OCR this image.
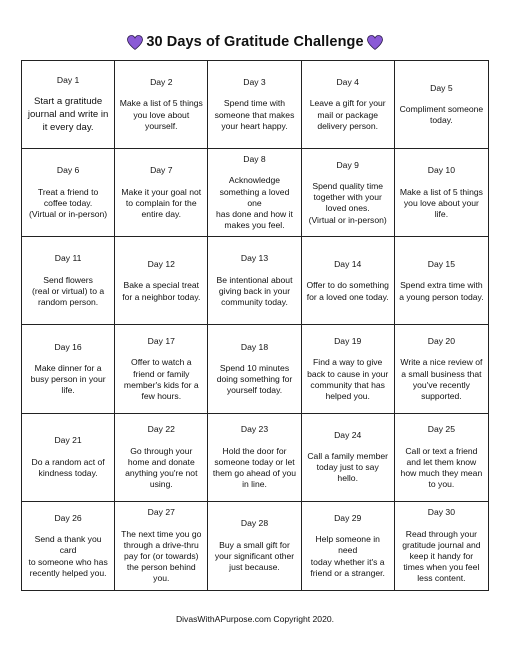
30 Days of Gratitude Challenge
Day 1
Start a gratitude
journal and write in
it every day.
Day 2
Make a list of 5 things
you love about
yourself.
Day 3
Spend time with
someone that makes
your heart happy.
Day 4
Leave a gift for your
mail or package
delivery person.
Day 5
Compliment someone
today.
Day 6
Treat a friend to
coffee today.
(Virtual or in-person)
Day 7
Make it your goal not
to complain for the
entire day.
Day 8
Acknowledge
something a loved one
has done and how it
makes you feel.
Day 9
Spend quality time
together with your
loved ones.
(Virtual or in-person)
Day 10
Make a list of 5 things
you love about your
life.
Day 11
Send flowers
(real or virtual) to a
random person.
Day 12
Bake a special treat
for a neighbor today.
Day 13
Be intentional about
giving back in your
community today.
Day 14
Offer to do something
for a loved one today.
Day 15
Spend extra time with
a young person today.
Day 16
Make dinner for a
busy person in your
life.
Day 17
Offer to watch a
friend or family
member's kids for a
few hours.
Day 18
Spend 10 minutes
doing something for
yourself today.
Day 19
Find a way to give
back to cause in your
community that has
helped you.
Day 20
Write a nice review of
a small business that
you've recently
supported.
Day 21
Do a random act of
kindness today.
Day 22
Go through your
home and donate
anything you're not
using.
Day 23
Hold the door for
someone today or let
them go ahead of you
in line.
Day 24
Call a family member
today just to say hello.
Day 25
Call or text a friend
and let them know
how much they mean
to you.
Day 26
Send a thank you card
to someone who has
recently helped you.
Day 27
The next time you go
through a drive-thru
pay for (or towards)
the person behind
you.
Day 28
Buy a small gift for
your significant other
just because.
Day 29
Help someone in need
today whether it's a
friend or a stranger.
Day 30
Read through your
gratitude journal and
keep it handy for
times when you feel
less content.
DivasWithAPurpose.com Copyright 2020.
